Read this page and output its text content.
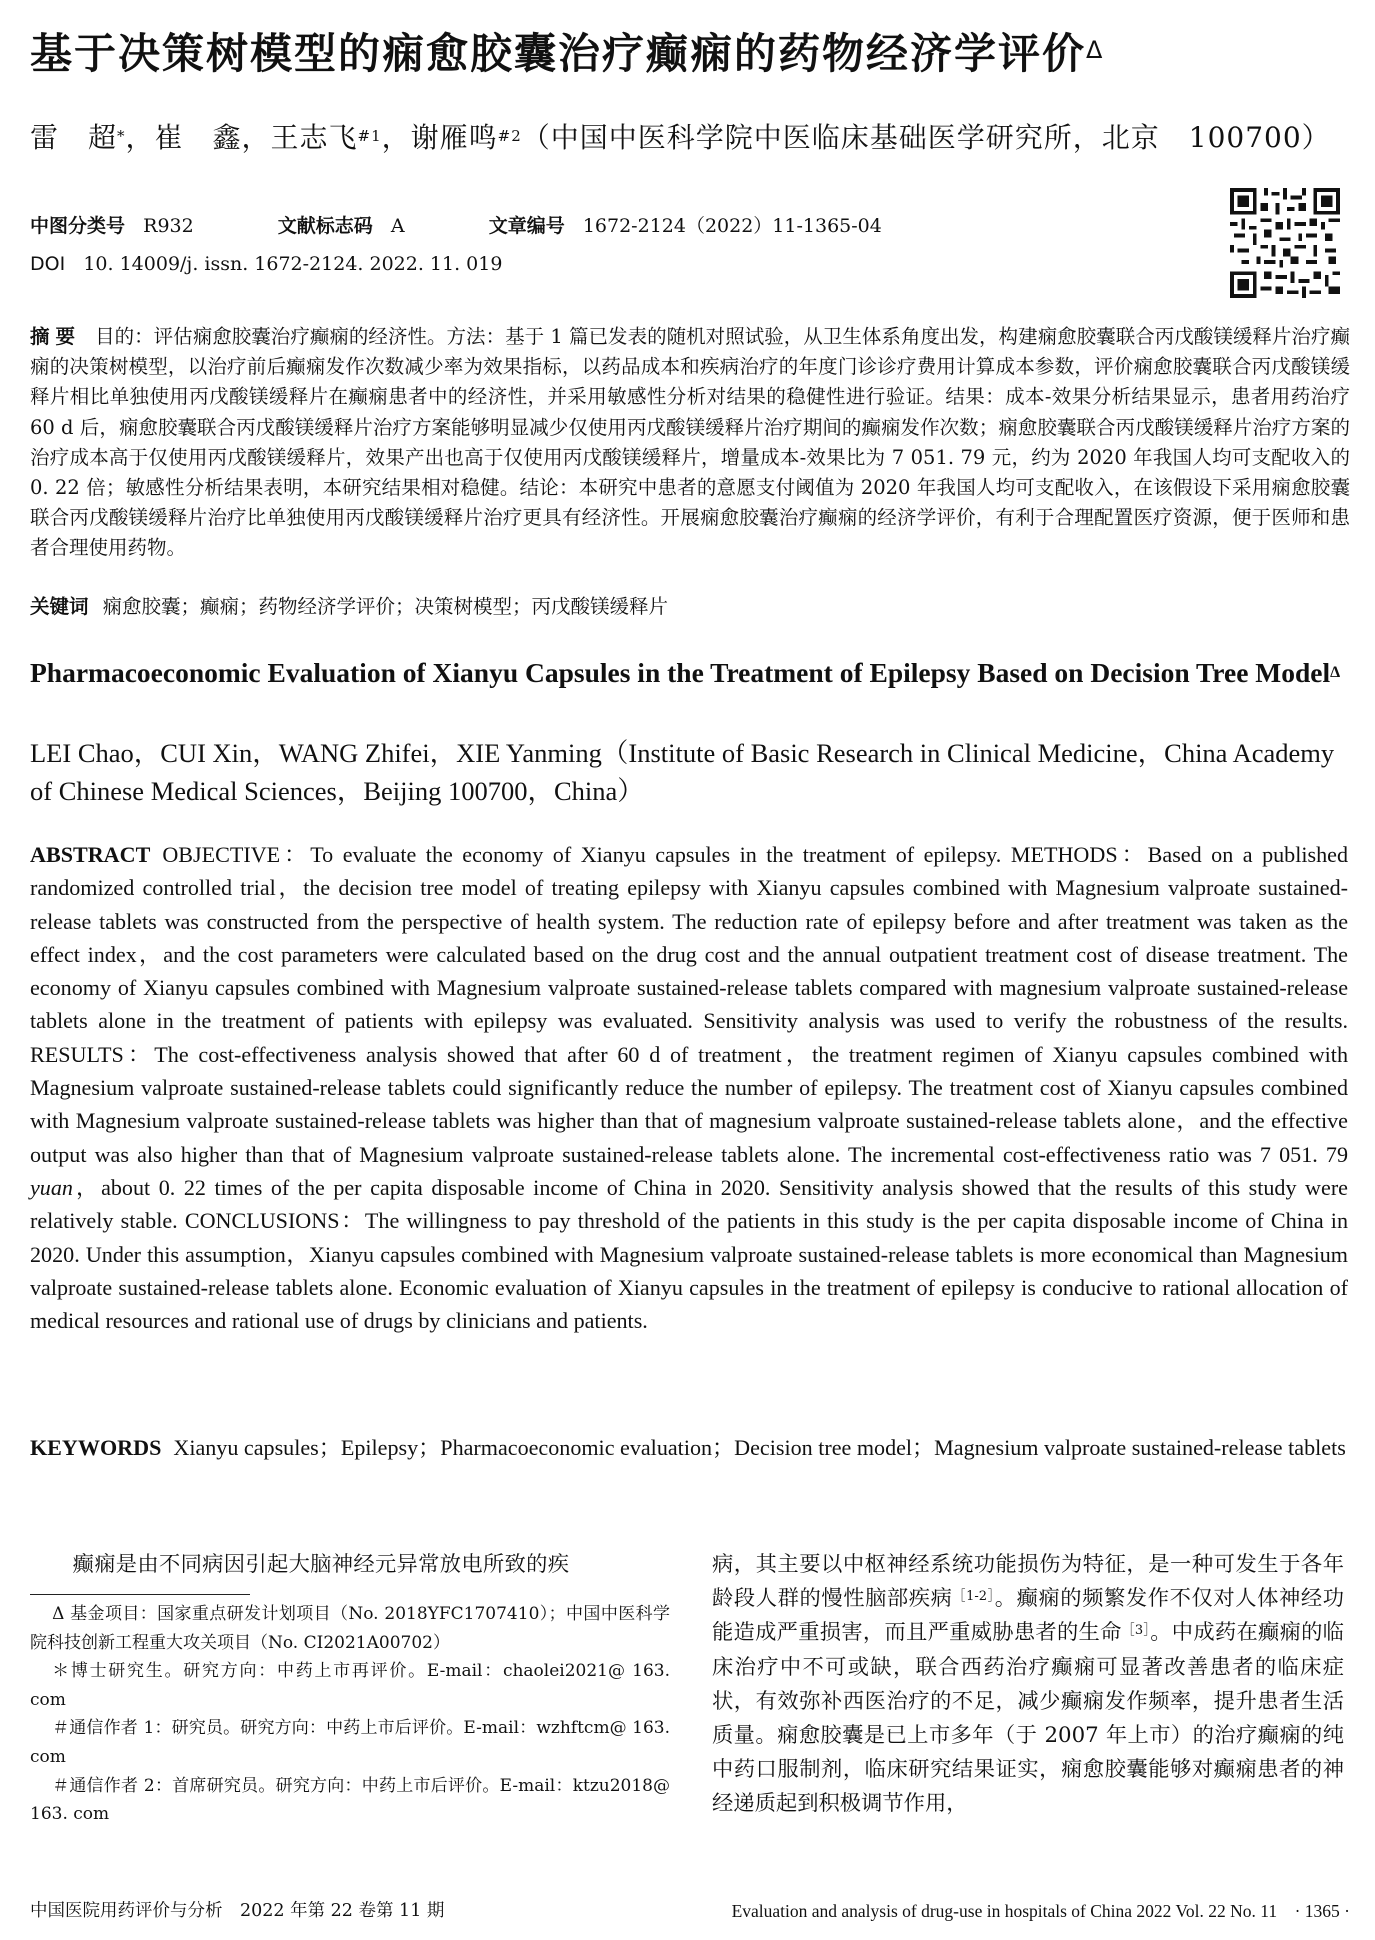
基于决策树模型的痫愈胶囊治疗癫痫的药物经济学评价$^\Delta$
雷　超*，崔　鑫，王志飞$^{\#1}$，谢雁鸣$^{\#2}$（中国中医科学院中医临床基础医学研究所，北京　100700）
中图分类号 R932	文献标志码 A	文章编号 1672-2124（2022）11-1365-04
DOI 10. 14009/j. issn. 1672-2124. 2022. 11. 019
摘要 目的：评估痫愈胶囊治疗癫痫的经济性。方法：基于 1 篇已发表的随机对照试验，从卫生体系角度出发，构建痫愈胶囊联合丙戊酸镁缓释片治疗癫痫的决策树模型，以治疗前后癫痫发作次数减少率为效果指标，以药品成本和疾病治疗的年度门诊诊疗费用计算成本参数，评价痫愈胶囊联合丙戊酸镁缓释片相比单独使用丙戊酸镁缓释片在癫痫患者中的经济性，并采用敏感性分析对结果的稳健性进行验证。结果：成本-效果分析结果显示，患者用药治疗 60 d 后，痫愈胶囊联合丙戊酸镁缓释片治疗方案能够明显减少仅使用丙戊酸镁缓释片治疗期间的癫痫发作次数；痫愈胶囊联合丙戊酸镁缓释片治疗方案的治疗成本高于仅使用丙戊酸镁缓释片，效果产出也高于仅使用丙戊酸镁缓释片，增量成本-效果比为 7 051. 79 元，约为 2020 年我国人均可支配收入的 0. 22 倍；敏感性分析结果表明，本研究结果相对稳健。结论：本研究中患者的意愿支付阈值为 2020 年我国人均可支配收入，在该假设下采用痫愈胶囊联合丙戊酸镁缓释片治疗比单独使用丙戊酸镁缓释片治疗更具有经济性。开展痫愈胶囊治疗癫痫的经济学评价，有利于合理配置医疗资源，便于医师和患者合理使用药物。
关键词 痫愈胶囊；癫痫；药物经济学评价；决策树模型；丙戊酸镁缓释片
Pharmacoeconomic Evaluation of Xianyu Capsules in the Treatment of Epilepsy Based on Decision Tree Model$^\Delta$
LEI Chao，CUI Xin，WANG Zhifei，XIE Yanming（Institute of Basic Research in Clinical Medicine，China Academy of Chinese Medical Sciences，Beijing 100700，China）
ABSTRACT OBJECTIVE：To evaluate the economy of Xianyu capsules in the treatment of epilepsy. METHODS：Based on a published randomized controlled trial，the decision tree model of treating epilepsy with Xianyu capsules combined with Magnesium valproate sustained-release tablets was constructed from the perspective of health system. The reduction rate of epilepsy before and after treatment was taken as the effect index，and the cost parameters were calculated based on the drug cost and the annual outpatient treatment cost of disease treatment. The economy of Xianyu capsules combined with Magnesium valproate sustained-release tablets compared with magnesium valproate sustained-release tablets alone in the treatment of patients with epilepsy was evaluated. Sensitivity analysis was used to verify the robustness of the results. RESULTS：The cost-effectiveness analysis showed that after 60 d of treatment，the treatment regimen of Xianyu capsules combined with Magnesium valproate sustained-release tablets could significantly reduce the number of epilepsy. The treatment cost of Xianyu capsules combined with Magnesium valproate sustained-release tablets was higher than that of magnesium valproate sustained-release tablets alone，and the effective output was also higher than that of Magnesium valproate sustained-release tablets alone. The incremental cost-effectiveness ratio was 7 051. 79 yuan，about 0. 22 times of the per capita disposable income of China in 2020. Sensitivity analysis showed that the results of this study were relatively stable. CONCLUSIONS：The willingness to pay threshold of the patients in this study is the per capita disposable income of China in 2020. Under this assumption，Xianyu capsules combined with Magnesium valproate sustained-release tablets is more economical than Magnesium valproate sustained-release tablets alone. Economic evaluation of Xianyu capsules in the treatment of epilepsy is conducive to rational allocation of medical resources and rational use of drugs by clinicians and patients.
KEYWORDS Xianyu capsules；Epilepsy；Pharmacoeconomic evaluation；Decision tree model；Magnesium valproate sustained-release tablets
癫痫是由不同病因引起大脑神经元异常放电所致的疾

Δ 基金项目：国家重点研发计划项目（No. 2018YFC1707410）；中国中医科学院科技创新工程重大攻关项目（No. CI2021A00702）

＊博士研究生。研究方向：中药上市再评价。E-mail：chaolei2021@ 163. com

＃通信作者 1：研究员。研究方向：中药上市后评价。E-mail：wzhftcm@ 163. com

＃通信作者 2：首席研究员。研究方向：中药上市后评价。E-mail：ktzu2018@ 163. com

病，其主要以中枢神经系统功能损伤为特征，是一种可发生于各年龄段人群的慢性脑部疾病$^{[1-2]}$。癫痫的频繁发作不仅对人体神经功能造成严重损害，而且严重威胁患者的生命$^{[3]}$。中成药在癫痫的临床治疗中不可或缺，联合西药治疗癫痫可显著改善患者的临床症状，有效弥补西医治疗的不足，减少癫痫发作频率，提升患者生活质量。痫愈胶囊是已上市多年（于 2007 年上市）的治疗癫痫的纯中药口服制剂，临床研究结果证实，痫愈胶囊能够对癫痫患者的神经递质起到积极调节作用，
中国医院用药评价与分析　2022 年第 22 卷第 11 期	Evaluation and analysis of drug-use in hospitals of China 2022 Vol. 22 No. 11　· 1365 ·
